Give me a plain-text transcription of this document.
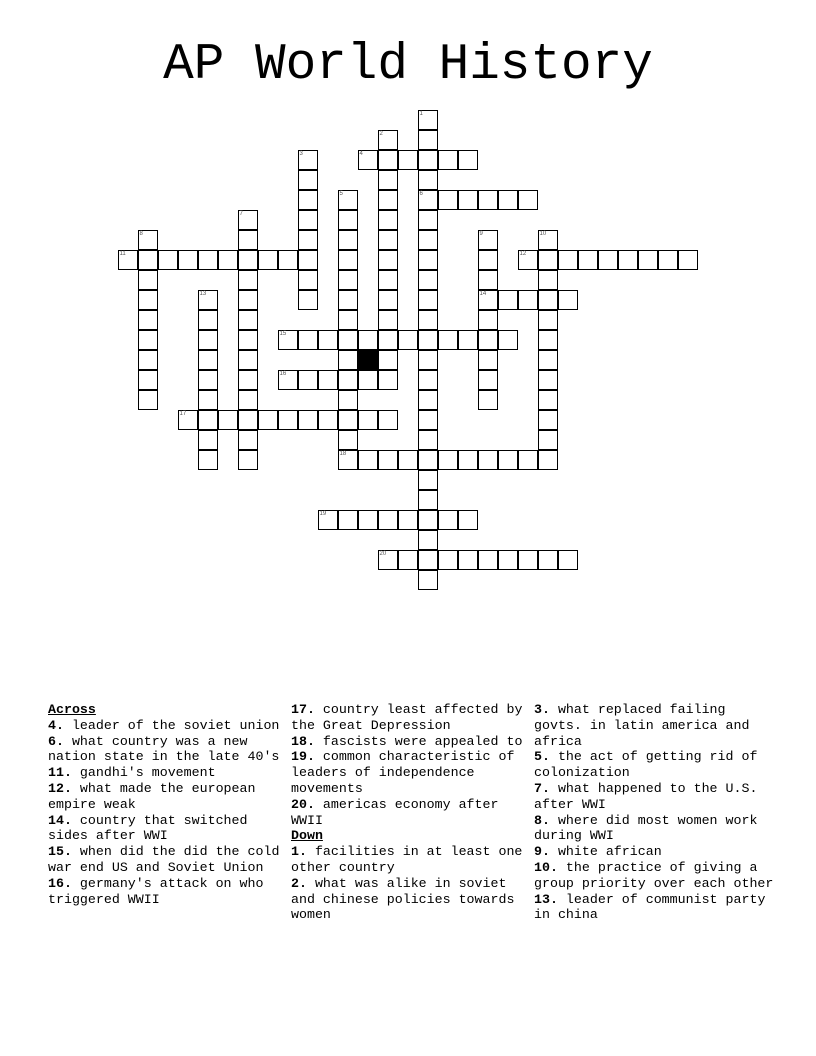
AP World History
1
6
2
3	4
5
18
7
8	9
14
10
11	12
13
15
16
17
19
20
Across
4. leader of the soviet union
6. what country was a new nation state in the late 40's
11. gandhi's movement
12. what made the european empire weak
14. country that switched sides after WWI
15. when did the did the cold war end US and Soviet Union
16. germany's attack on who triggered WWII
17. country least affected by the Great Depression
18. fascists were appealed to
19. common characteristic of leaders of independence movements
20. americas economy after WWII
Down
1. facilities in at least one other country
2. what was alike in soviet and chinese policies towards women
3. what replaced failing govts. in latin america and africa
5. the act of getting rid of colonization
7. what happened to the U.S. after WWI
8. where did most women work during WWI
9. white african
10. the practice of giving a group priority over each other
13. leader of communist party in china
